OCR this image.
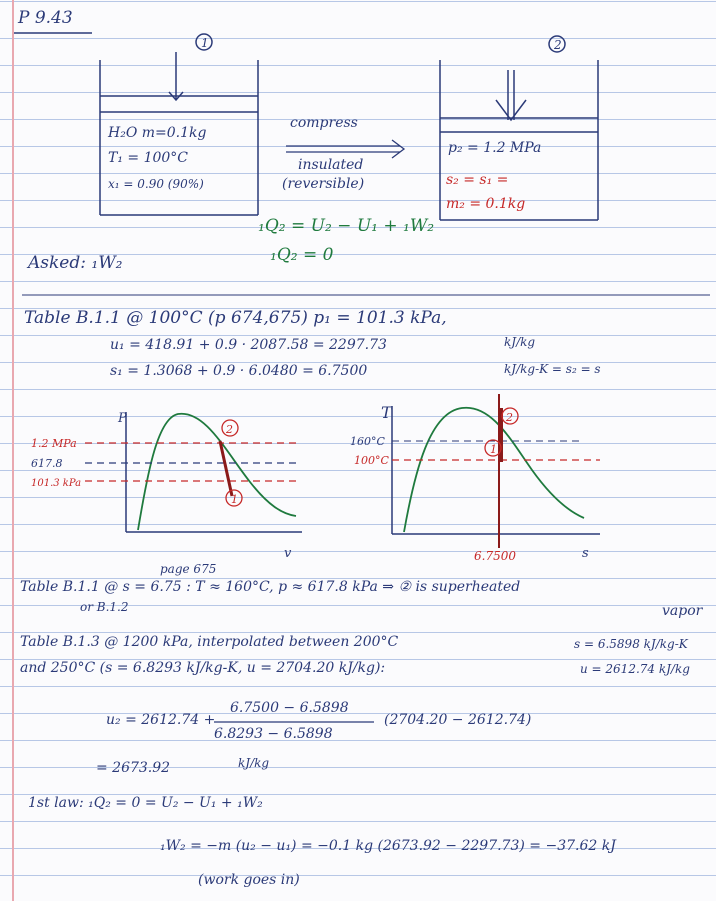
P 9.43
1	2
2
1
P
v
1.2 MPa
617.8
101.3 kPa
2
1
T
s
160°C
100°C
6.7500
H₂O m=0.1kg
T₁ = 100°C
x₁ = 0.90 (90%)
compress
insulated
(reversible)
p₂ = 1.2 MPa
s₂ = s₁ =
m₂ = 0.1kg
₁Q₂ = U₂ − U₁ + ₁W₂
₁Q₂ = 0
Asked: ₁W₂
Table B.1.1 @ 100°C (p 674,675) p₁ = 101.3 kPa,
u₁ = 418.91 + 0.9 · 2087.58 = 2297.73	kJ/kg
s₁ = 1.3068 + 0.9 · 6.0480 = 6.7500	kJ/kg-K = s₂ = s
page 675
Table B.1.1 @ s = 6.75 : T ≈ 160°C, p ≈ 617.8 kPa ⇒ ② is superheated
or B.1.2	vapor
Table B.1.3 @ 1200 kPa, interpolated between 200°C	s = 6.5898 kJ/kg-K
u = 2612.74 kJ/kg
and 250°C (s = 6.8293 kJ/kg-K, u = 2704.20 kJ/kg):
u₂ = 2612.74 +
6.7500 − 6.5898
6.8293 − 6.5898
(2704.20 − 2612.74)
= 2673.92	kJ/kg
1st law: ₁Q₂ = 0 = U₂ − U₁ + ₁W₂
₁W₂ = −m (u₂ − u₁) = −0.1 kg (2673.92 − 2297.73) = −37.62 kJ
(work goes in)
